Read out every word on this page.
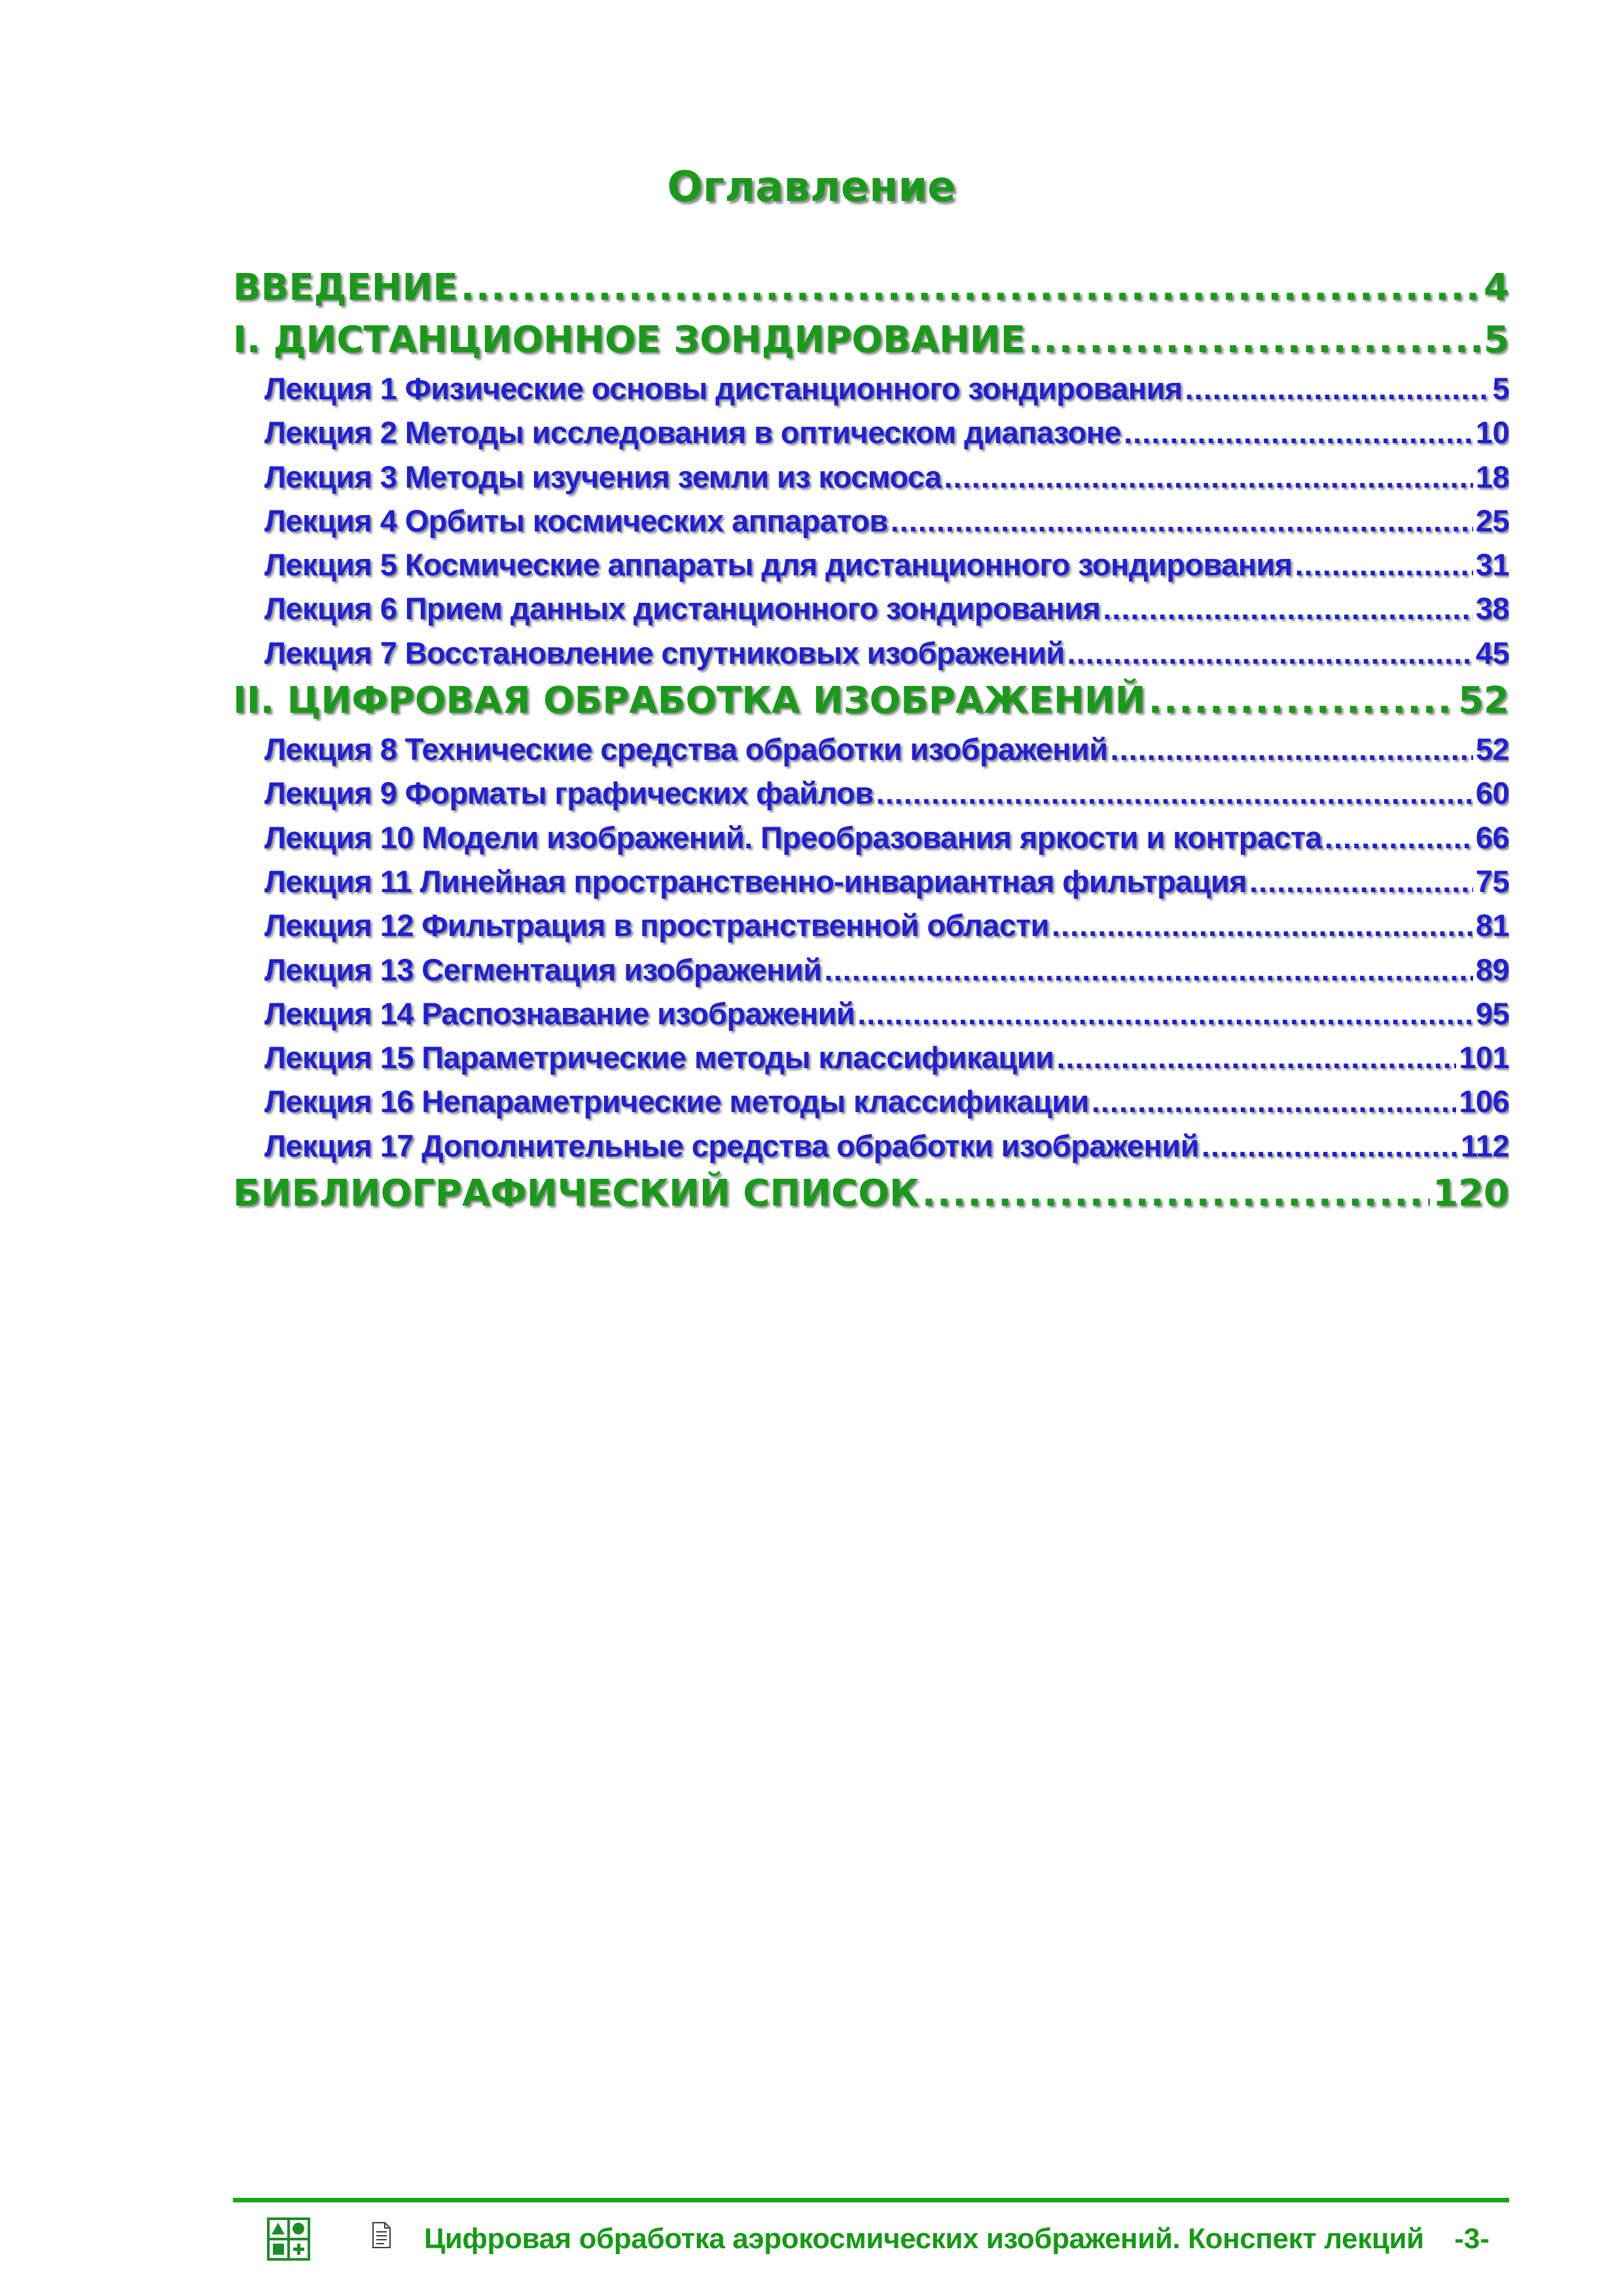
Оглавление
ВВЕДЕНИЕ .....	4
I. ДИСТАНЦИОННОЕ ЗОНДИРОВАНИЕ .....	5
Лекция 1 Физические основы дистанционного зондирования .....	5
Лекция 2 Методы исследования в оптическом диапазоне .....	10
Лекция 3 Методы изучения земли из космоса .....	18
Лекция 4 Орбиты космических аппаратов .....	25
Лекция 5 Космические аппараты для дистанционного зондирования .....	31
Лекция 6 Прием данных дистанционного зондирования .....	38
Лекция 7 Восстановление спутниковых изображений .....	45
II. ЦИФРОВАЯ ОБРАБОТКА ИЗОБРАЖЕНИЙ .....	52
Лекция 8 Технические средства обработки изображений .....	52
Лекция 9 Форматы графических файлов .....	60
Лекция 10 Модели изображений. Преобразования яркости и контраста .....	66
Лекция 11 Линейная пространственно-инвариантная фильтрация .....	75
Лекция 12 Фильтрация в пространственной области .....	81
Лекция 13 Сегментация изображений .....	89
Лекция 14 Распознавание изображений .....	95
Лекция 15 Параметрические методы классификации .....	101
Лекция 16 Непараметрические методы классификации .....	106
Лекция 17 Дополнительные средства обработки изображений .....	112
БИБЛИОГРАФИЧЕСКИЙ СПИСОК .....	120
Цифровая обработка аэрокосмических изображений. Конспект лекций -3-
